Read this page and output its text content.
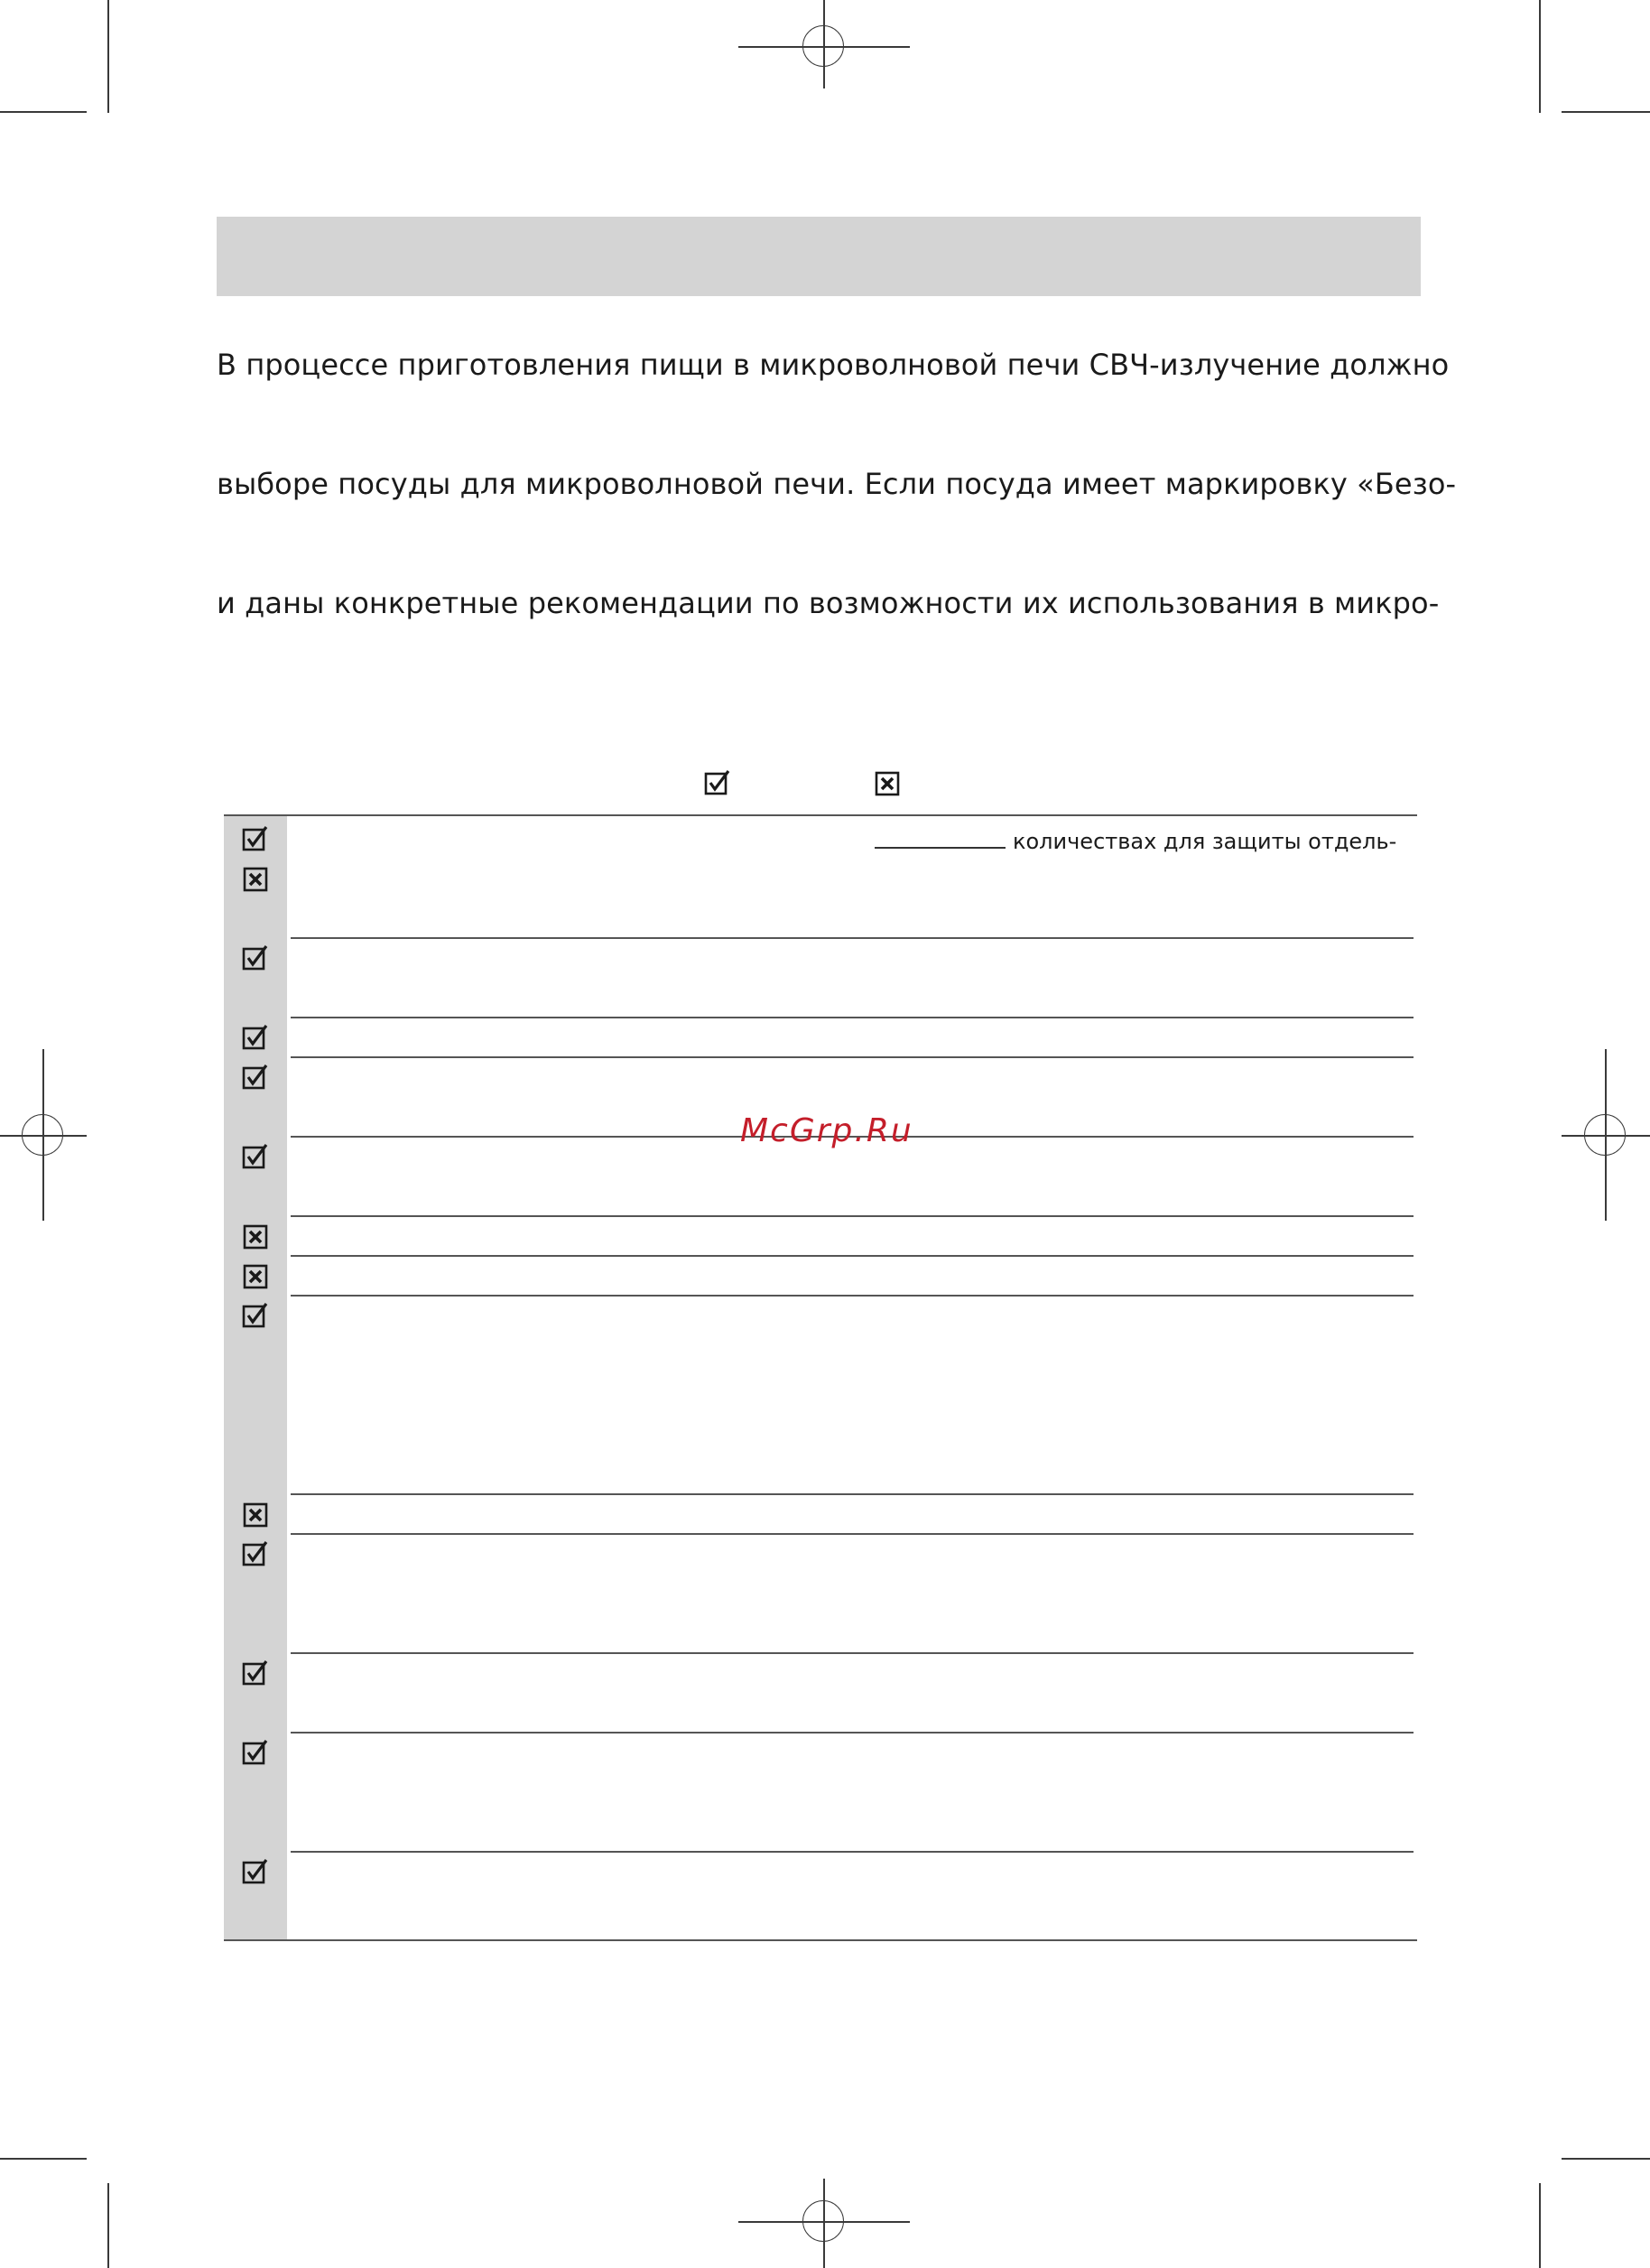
В процессе приготовления пищи в микроволновой печи СВЧ-излучение должно
выборе посуды для микроволновой печи. Если посуда имеет маркировку «Безо-
и даны конкретные рекомендации по возможности их использования в микро-
количествах для защиты отдель-
McGrp.Ru
